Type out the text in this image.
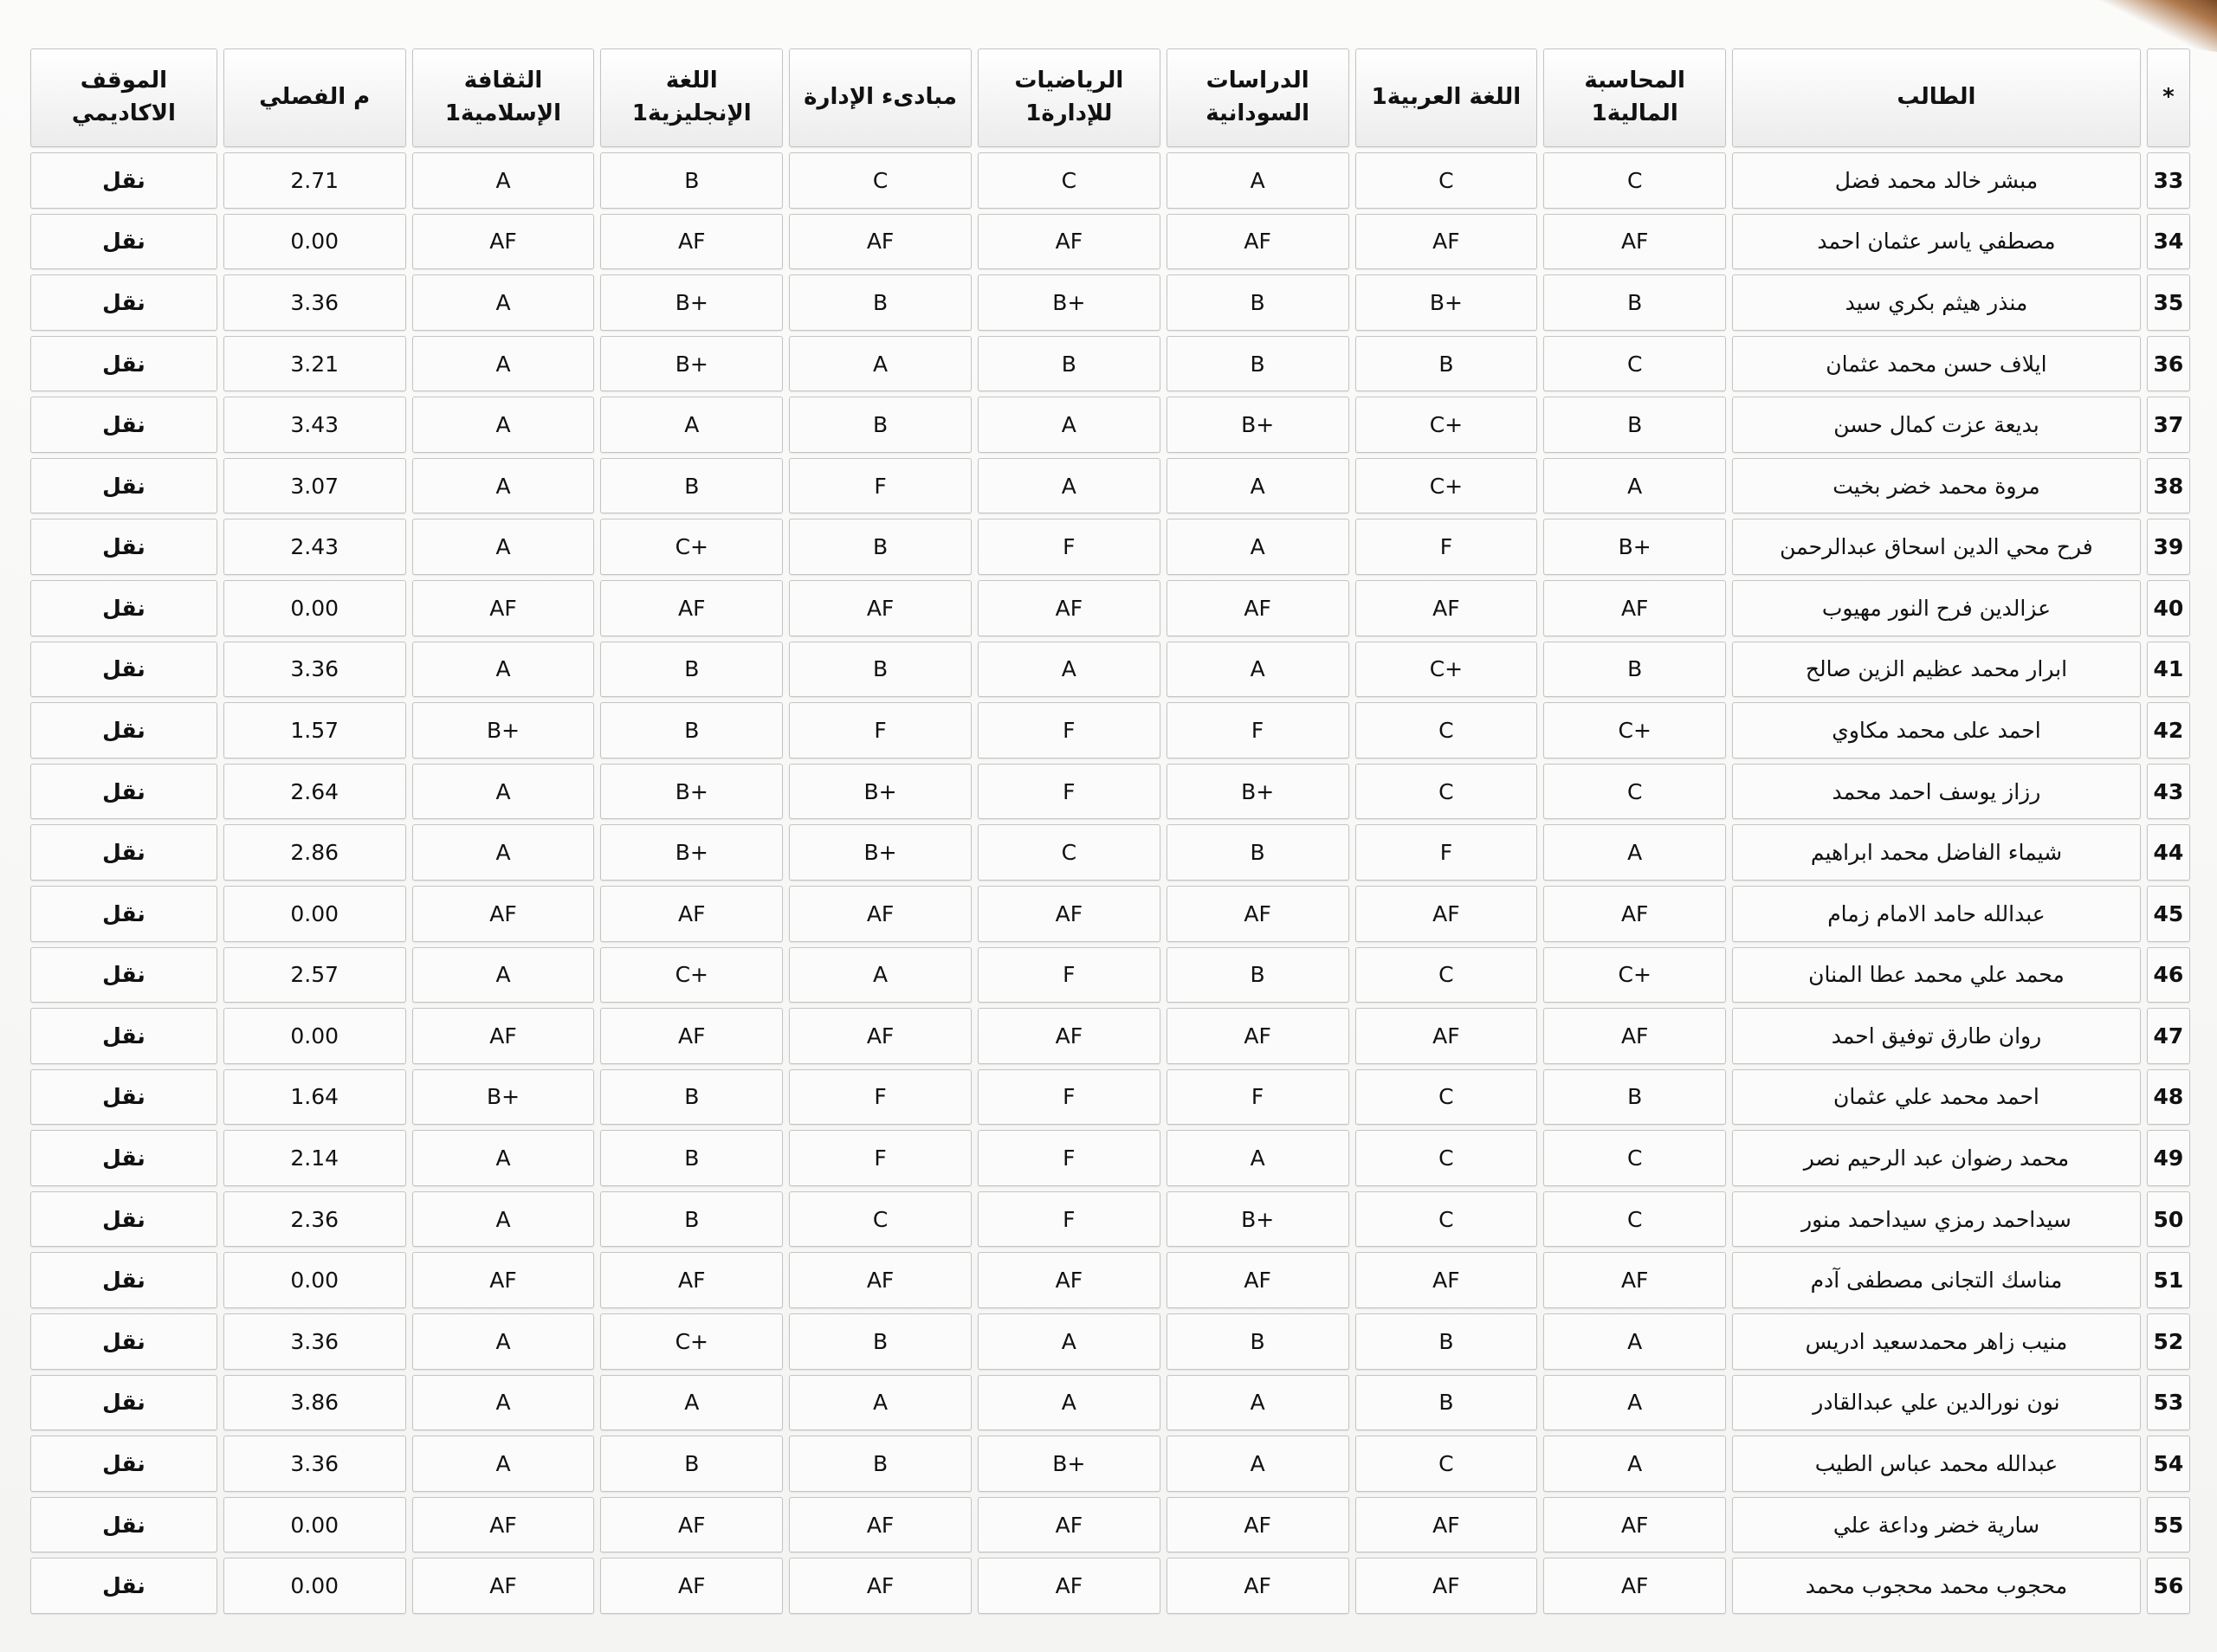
*	الطالب	المحاسبة المالية1	اللغة العربية1	الدراسات السودانية	الرياضيات للإدارة1	مبادىء الإدارة	اللغة الإنجليزية1	الثقافة الإسلامية1	م الفصلي	الموقف الاكاديمي
33	مبشر خالد محمد فضل	C	C	A	C	C	B	A	2.71	نقل
34	مصطفي ياسر عثمان احمد	AF	AF	AF	AF	AF	AF	AF	0.00	نقل
35	منذر هيثم بكري سيد	B	+B	B	+B	B	+B	A	3.36	نقل
36	ايلاف حسن محمد عثمان	C	B	B	B	A	+B	A	3.21	نقل
37	بديعة عزت كمال حسن	B	+C	+B	A	B	A	A	3.43	نقل
38	مروة محمد خضر بخيت	A	+C	A	A	F	B	A	3.07	نقل
39	فرح محي الدين اسحاق عبدالرحمن	+B	F	A	F	B	+C	A	2.43	نقل
40	عزالدين فرح النور مهيوب	AF	AF	AF	AF	AF	AF	AF	0.00	نقل
41	ابرار محمد عظيم الزين صالح	B	+C	A	A	B	B	A	3.36	نقل
42	احمد على محمد مكاوي	+C	C	F	F	F	B	+B	1.57	نقل
43	رزاز يوسف احمد محمد	C	C	+B	F	+B	+B	A	2.64	نقل
44	شيماء الفاضل محمد ابراهيم	A	F	B	C	+B	+B	A	2.86	نقل
45	عبدالله حامد الامام زمام	AF	AF	AF	AF	AF	AF	AF	0.00	نقل
46	محمد علي محمد عطا المنان	+C	C	B	F	A	+C	A	2.57	نقل
47	روان طارق توفيق احمد	AF	AF	AF	AF	AF	AF	AF	0.00	نقل
48	احمد محمد علي عثمان	B	C	F	F	F	B	+B	1.64	نقل
49	محمد رضوان عبد الرحيم نصر	C	C	A	F	F	B	A	2.14	نقل
50	سيداحمد رمزي سيداحمد منور	C	C	+B	F	C	B	A	2.36	نقل
51	مناسك التجانى مصطفى آدم	AF	AF	AF	AF	AF	AF	AF	0.00	نقل
52	منيب زاهر محمدسعيد ادريس	A	B	B	A	B	+C	A	3.36	نقل
53	نون نورالدين علي عبدالقادر	A	B	A	A	A	A	A	3.86	نقل
54	عبدالله محمد عباس الطيب	A	C	A	+B	B	B	A	3.36	نقل
55	سارية خضر وداعة علي	AF	AF	AF	AF	AF	AF	AF	0.00	نقل
56	محجوب محمد محجوب محمد	AF	AF	AF	AF	AF	AF	AF	0.00	نقل
